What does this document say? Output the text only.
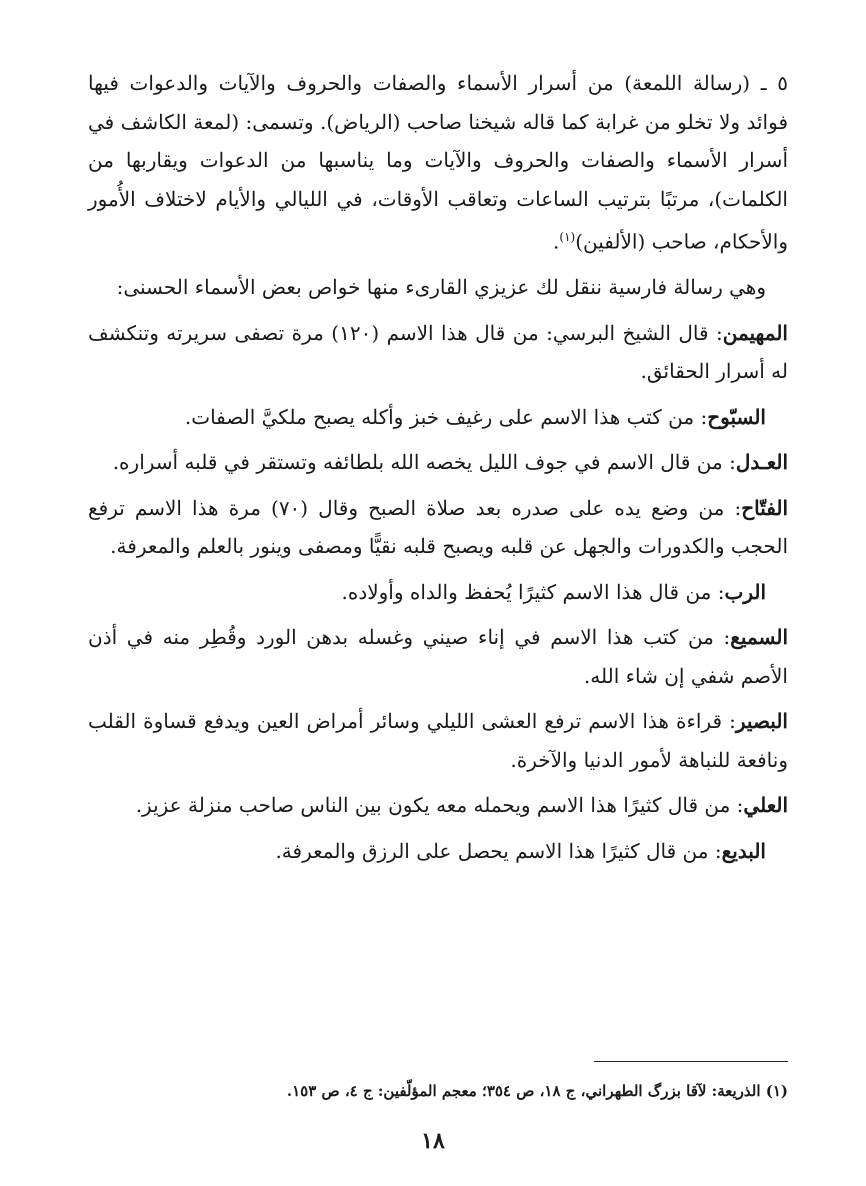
٥ ـ (رسالة اللمعة) من أسرار الأسماء والصفات والحروف والآيات والدعوات فيها فوائد ولا تخلو من غرابة كما قاله شيخنا صاحب (الرياض). وتسمى: (لمعة الكاشف في أسرار الأسماء والصفات والحروف والآيات وما يناسبها من الدعوات ويقاربها من الكلمات)، مرتبًا بترتيب الساعات وتعاقب الأوقات، في الليالي والأيام لاختلاف الأُمور والأحكام، صاحب (الألفين)$^{(١)}$.

وهي رسالة فارسية ننقل لك عزيزي القارىء منها خواص بعض الأسماء الحسنى:

المهيمن: قال الشيخ البرسي: من قال هذا الاسم (١٢٠) مرة تصفى سريرته وتنكشف له أسرار الحقائق.

السبّوح: من كتب هذا الاسم على رغيف خبز وأكله يصبح ملكيَّ الصفات.

العـدل: من قال الاسم في جوف الليل يخصه الله بلطائفه وتستقر في قلبه أسراره.

الفتّاح: من وضع يده على صدره بعد صلاة الصبح وقال (٧٠) مرة هذا الاسم ترفع الحجب والكدورات والجهل عن قلبه ويصبح قلبه نقيًّا ومصفى وينور بالعلم والمعرفة.

الرب: من قال هذا الاسم كثيرًا يُحفظ والداه وأولاده.

السميع: من كتب هذا الاسم في إناء صيني وغسله بدهن الورد وقُطِر منه في أذن الأصم شفي إن شاء الله.

البصير: قراءة هذا الاسم ترفع العشى الليلي وسائر أمراض العين ويدفع قساوة القلب ونافعة للنباهة لأمور الدنيا والآخرة.

العلي: من قال كثيرًا هذا الاسم ويحمله معه يكون بين الناس صاحب منزلة عزيز.

البديع: من قال كثيرًا هذا الاسم يحصل على الرزق والمعرفة.

(١) الذريعة: لآقا بزرگ الطهراني، ج ١٨، ص ٣٥٤؛ معجم المؤلّفين: ج ٤، ص ١٥٣.
١٨
